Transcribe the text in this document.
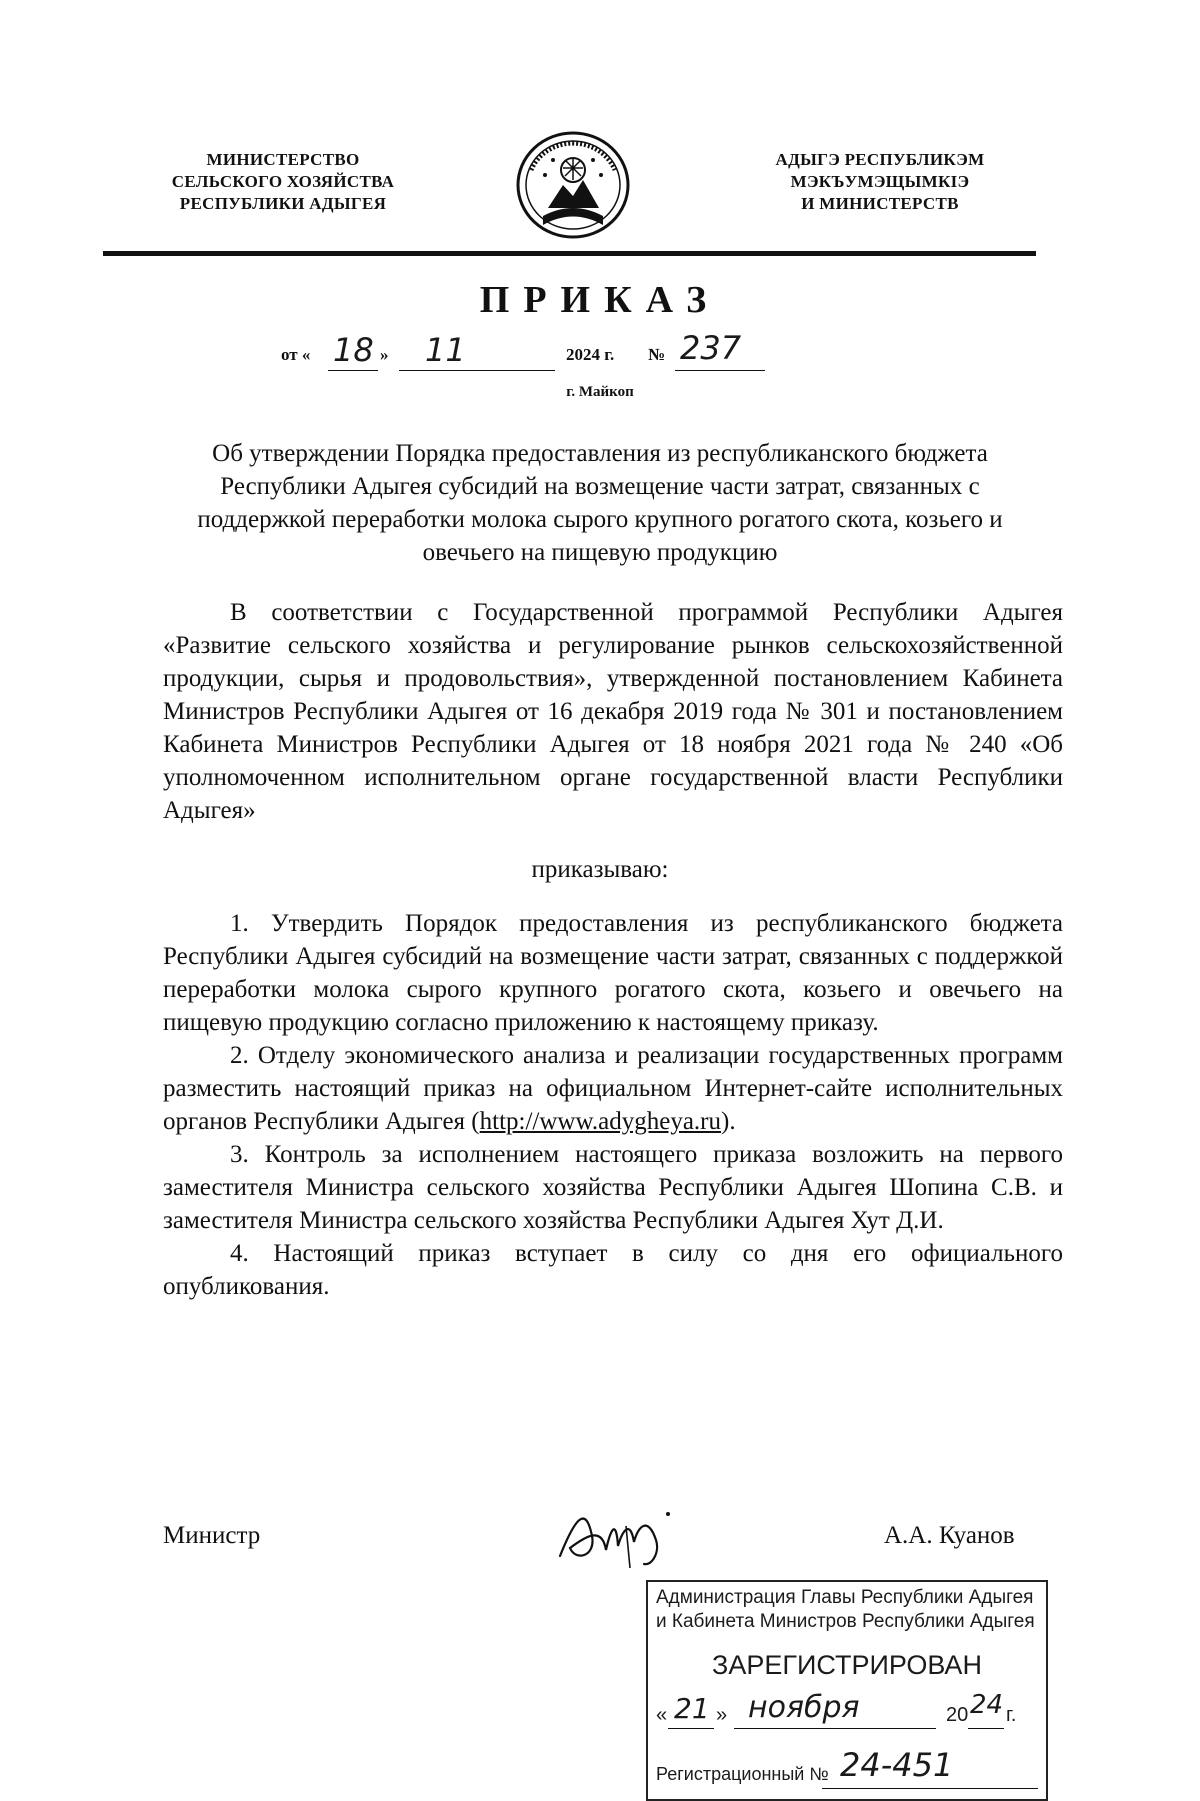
МИНИСТЕРСТВО
СЕЛЬСКОГО ХОЗЯЙСТВА
РЕСПУБЛИКИ АДЫГЕЯ
АДЫГЭ РЕСПУБЛИКЭМ
МЭКЪУМЭЩЫМКIЭ
И МИНИСТЕРСТВ
ПРИКАЗ
от « 18 » 11	2024 г. № 237
г. Майкоп
Об утверждении Порядка предоставления из республиканского бюджета
Республики Адыгея субсидий на возмещение части затрат, связанных с
поддержкой переработки молока сырого крупного рогатого скота, козьего и
овечьего на пищевую продукцию
В соответствии с Государственной программой Республики Адыгея «Развитие сельского хозяйства и регулирование рынков сельскохозяйственной продукции, сырья и продовольствия», утвержденной постановлением Кабинета Министров Республики Адыгея от 16 декабря 2019 года № 301 и постановлением Кабинета Министров Республики Адыгея от 18 ноября 2021 года № 240 «Об уполномоченном исполнительном органе государственной власти Республики Адыгея»
приказываю:
1. Утвердить Порядок предоставления из республиканского бюджета Республики Адыгея субсидий на возмещение части затрат, связанных с поддержкой переработки молока сырого крупного рогатого скота, козьего и овечьего на пищевую продукцию согласно приложению к настоящему приказу.
2. Отделу экономического анализа и реализации государственных программ разместить настоящий приказ на официальном Интернет-сайте исполнительных органов Республики Адыгея (http://www.adygheya.ru).
3. Контроль за исполнением настоящего приказа возложить на первого заместителя Министра сельского хозяйства Республики Адыгея Шопина С.В. и заместителя Министра сельского хозяйства Республики Адыгея Хут Д.И.
4. Настоящий приказ вступает в силу со дня его официального опубликования.
Министр	А.А. Куанов
Администрация Главы Республики Адыгея
и Кабинета Министров Республики Адыгея
ЗАРЕГИСТРИРОВАН
« 21 » ноября	20 24 г.
Регистрационный № 24-451
